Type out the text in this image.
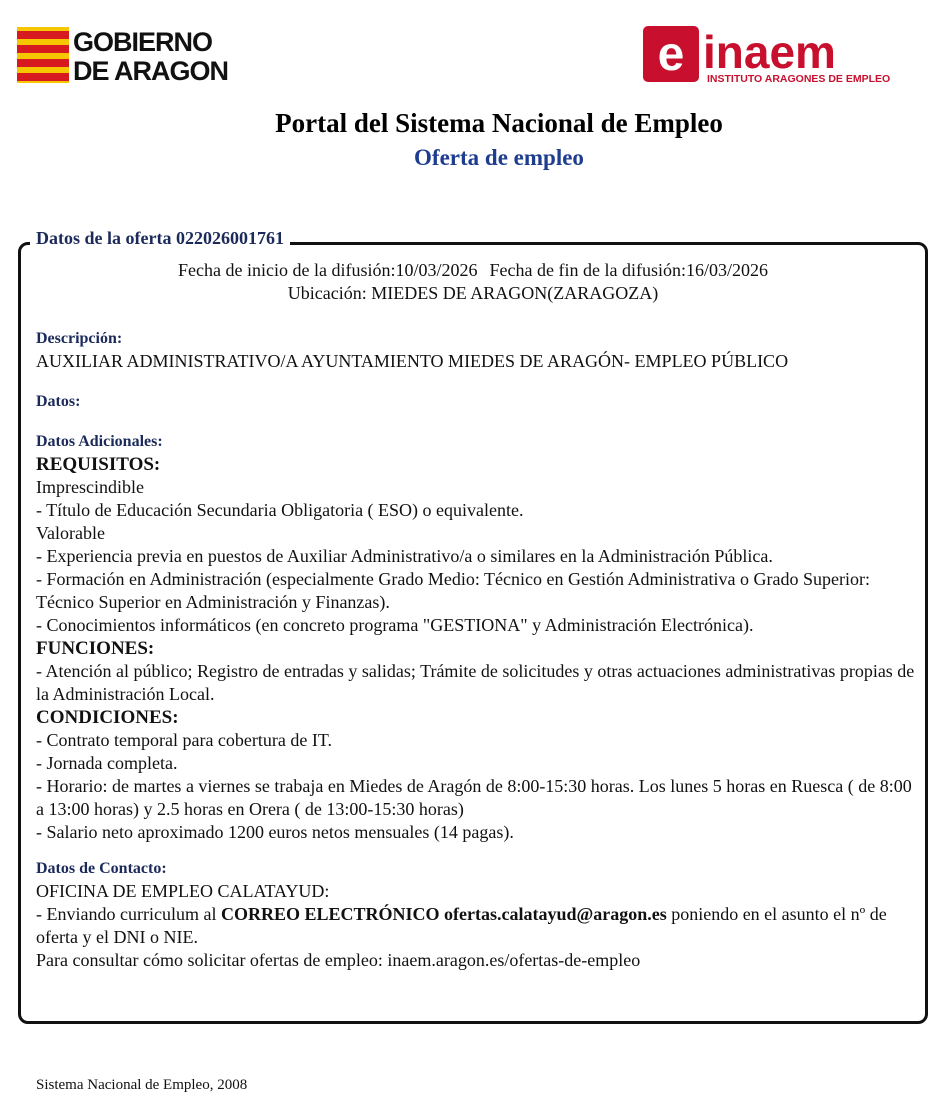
GOBIERNO
DE ARAGON	e inaem
INSTITUTO ARAGONES DE EMPLEO
Portal del Sistema Nacional de Empleo
Oferta de empleo
Datos de la oferta 022026001761
Fecha de inicio de la difusión:10/03/2026 Fecha de fin de la difusión:16/03/2026
Ubicación: MIEDES DE ARAGON(ZARAGOZA)
Descripción:
AUXILIAR ADMINISTRATIVO/A AYUNTAMIENTO MIEDES DE ARAGÓN- EMPLEO PÚBLICO
Datos:
Datos Adicionales:
REQUISITOS:
Imprescindible
- Título de Educación Secundaria Obligatoria ( ESO) o equivalente.
Valorable
- Experiencia previa en puestos de Auxiliar Administrativo/a o similares en la Administración Pública.
- Formación en Administración (especialmente Grado Medio: Técnico en Gestión Administrativa o Grado Superior: Técnico Superior en Administración y Finanzas).
- Conocimientos informáticos (en concreto programa "GESTIONA" y Administración Electrónica).
FUNCIONES:
- Atención al público; Registro de entradas y salidas; Trámite de solicitudes y otras actuaciones administrativas propias de la Administración Local.
CONDICIONES:
- Contrato temporal para cobertura de IT.
- Jornada completa.
- Horario: de martes a viernes se trabaja en Miedes de Aragón de 8:00-15:30 horas. Los lunes 5 horas en Ruesca ( de 8:00 a 13:00 horas) y 2.5 horas en Orera ( de 13:00-15:30 horas)
- Salario neto aproximado 1200 euros netos mensuales (14 pagas).
Datos de Contacto:
OFICINA DE EMPLEO CALATAYUD:
- Enviando curriculum al CORREO ELECTRÓNICO ofertas.calatayud@aragon.es poniendo en el asunto el nº de oferta y el DNI o NIE.
Para consultar cómo solicitar ofertas de empleo: inaem.aragon.es/ofertas-de-empleo
Sistema Nacional de Empleo, 2008
